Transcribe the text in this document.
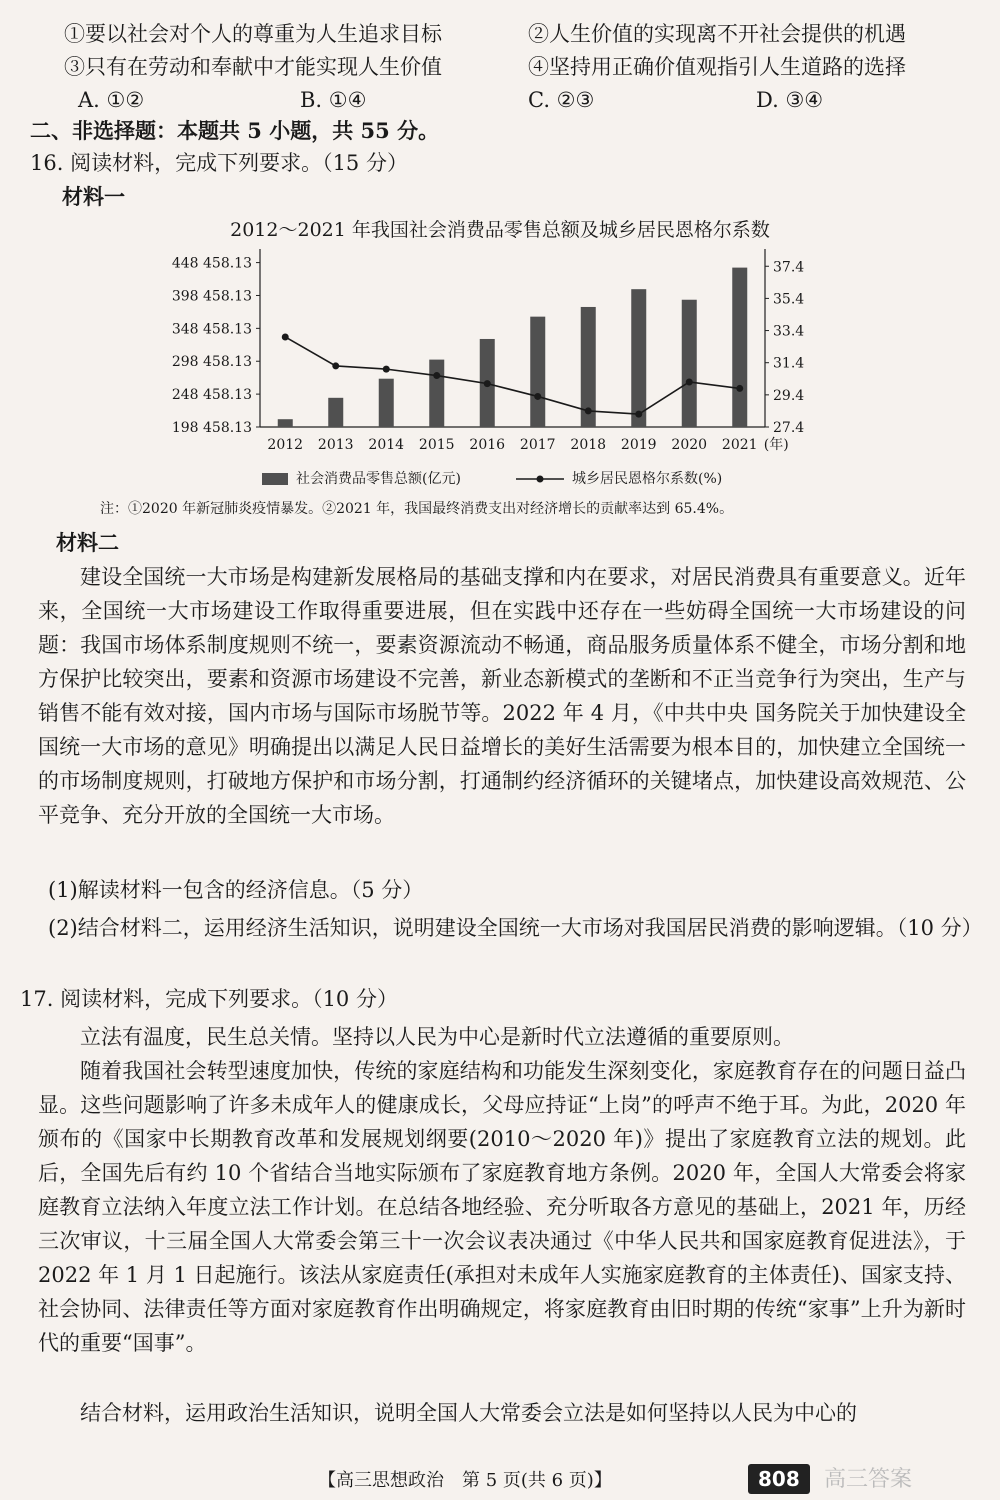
①要以社会对个人的尊重为人生追求目标	②人生价值的实现离不开社会提供的机遇
③只有在劳动和奉献中才能实现人生价值	④坚持用正确价值观指引人生道路的选择
A. ①②	B. ①④	C. ②③	D. ③④
二、非选择题：本题共 5 小题，共 55 分。
16. 阅读材料，完成下列要求。（15 分）
材料一
2012～2021 年我国社会消费品零售总额及城乡居民恩格尔系数
198 458.13
248 458.13
298 458.13
348 458.13
398 458.13
448 458.13
27.4
29.4
31.4
33.4
35.4
37.4
2012 2013 2014 2015 2016 2017 2018 2019 2020 2021 (年)
社会消费品零售总额(亿元)	城乡居民恩格尔系数(%)
注：①2020 年新冠肺炎疫情暴发。②2021 年，我国最终消费支出对经济增长的贡献率达到 65.4%。
材料二
建设全国统一大市场是构建新发展格局的基础支撑和内在要求，对居民消费具有重要意义。近年来，全国统一大市场建设工作取得重要进展，但在实践中还存在一些妨碍全国统一大市场建设的问题：我国市场体系制度规则不统一，要素资源流动不畅通，商品服务质量体系不健全，市场分割和地方保护比较突出，要素和资源市场建设不完善，新业态新模式的垄断和不正当竞争行为突出，生产与销售不能有效对接，国内市场与国际市场脱节等。2022 年 4 月，《中共中央 国务院关于加快建设全国统一大市场的意见》明确提出以满足人民日益增长的美好生活需要为根本目的，加快建立全国统一的市场制度规则，打破地方保护和市场分割，打通制约经济循环的关键堵点，加快建设高效规范、公平竞争、充分开放的全国统一大市场。
(1)解读材料一包含的经济信息。（5 分）
(2)结合材料二，运用经济生活知识，说明建设全国统一大市场对我国居民消费的影响逻辑。（10 分）
17. 阅读材料，完成下列要求。（10 分）
立法有温度，民生总关情。坚持以人民为中心是新时代立法遵循的重要原则。
随着我国社会转型速度加快，传统的家庭结构和功能发生深刻变化，家庭教育存在的问题日益凸显。这些问题影响了许多未成年人的健康成长，父母应持证“上岗”的呼声不绝于耳。为此，2020 年颁布的《国家中长期教育改革和发展规划纲要(2010～2020 年)》提出了家庭教育立法的规划。此后，全国先后有约 10 个省结合当地实际颁布了家庭教育地方条例。2020 年，全国人大常委会将家庭教育立法纳入年度立法工作计划。在总结各地经验、充分听取各方意见的基础上，2021 年，历经三次审议，十三届全国人大常委会第三十一次会议表决通过《中华人民共和国家庭教育促进法》，于 2022 年 1 月 1 日起施行。该法从家庭责任(承担对未成年人实施家庭教育的主体责任)、国家支持、社会协同、法律责任等方面对家庭教育作出明确规定，将家庭教育由旧时期的传统“家事”上升为新时代的重要“国事”。
结合材料，运用政治生活知识，说明全国人大常委会立法是如何坚持以人民为中心的
【高三思想政治　第 5 页(共 6 页)】	808	高三答案
